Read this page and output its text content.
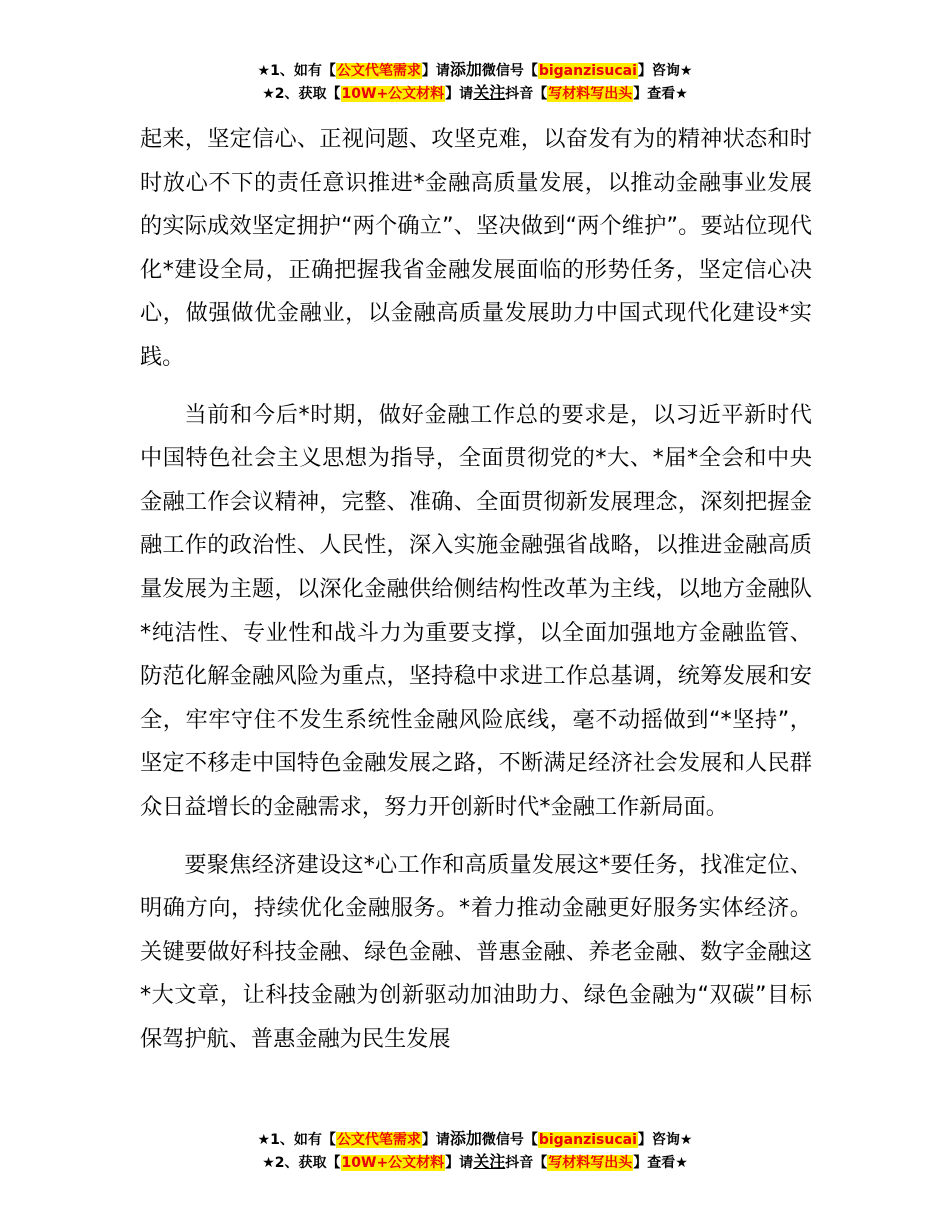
★1、如有【公文代笔需求】请添加微信号【biganzisucai】咨询★
★2、获取【10W+公文材料】请关注抖音【写材料写出头】查看★

起来，坚定信心、正视问题、攻坚克难，以奋发有为的精神状态和时时放心不下的责任意识推进*金融高质量发展，以推动金融事业发展的实际成效坚定拥护“两个确立”、坚决做到“两个维护”。要站位现代化*建设全局，正确把握我省金融发展面临的形势任务，坚定信心决心，做强做优金融业，以金融高质量发展助力中国式现代化建设*实践。

当前和今后*时期，做好金融工作总的要求是，以习近平新时代中国特色社会主义思想为指导，全面贯彻党的*大、*届*全会和中央金融工作会议精神，完整、准确、全面贯彻新发展理念，深刻把握金融工作的政治性、人民性，深入实施金融强省战略，以推进金融高质量发展为主题，以深化金融供给侧结构性改革为主线，以地方金融队*纯洁性、专业性和战斗力为重要支撑，以全面加强地方金融监管、防范化解金融风险为重点，坚持稳中求进工作总基调，统筹发展和安全，牢牢守住不发生系统性金融风险底线，毫不动摇做到“*坚持”，坚定不移走中国特色金融发展之路，不断满足经济社会发展和人民群众日益增长的金融需求，努力开创新时代*金融工作新局面。

要聚焦经济建设这*心工作和高质量发展这*要任务，找准定位、明确方向，持续优化金融服务。*着力推动金融更好服务实体经济。关键要做好科技金融、绿色金融、普惠金融、养老金融、数字金融这*大文章，让科技金融为创新驱动加油助力、绿色金融为“双碳”目标保驾护航、普惠金融为民生发展

★1、如有【公文代笔需求】请添加微信号【biganzisucai】咨询★
★2、获取【10W+公文材料】请关注抖音【写材料写出头】查看★
